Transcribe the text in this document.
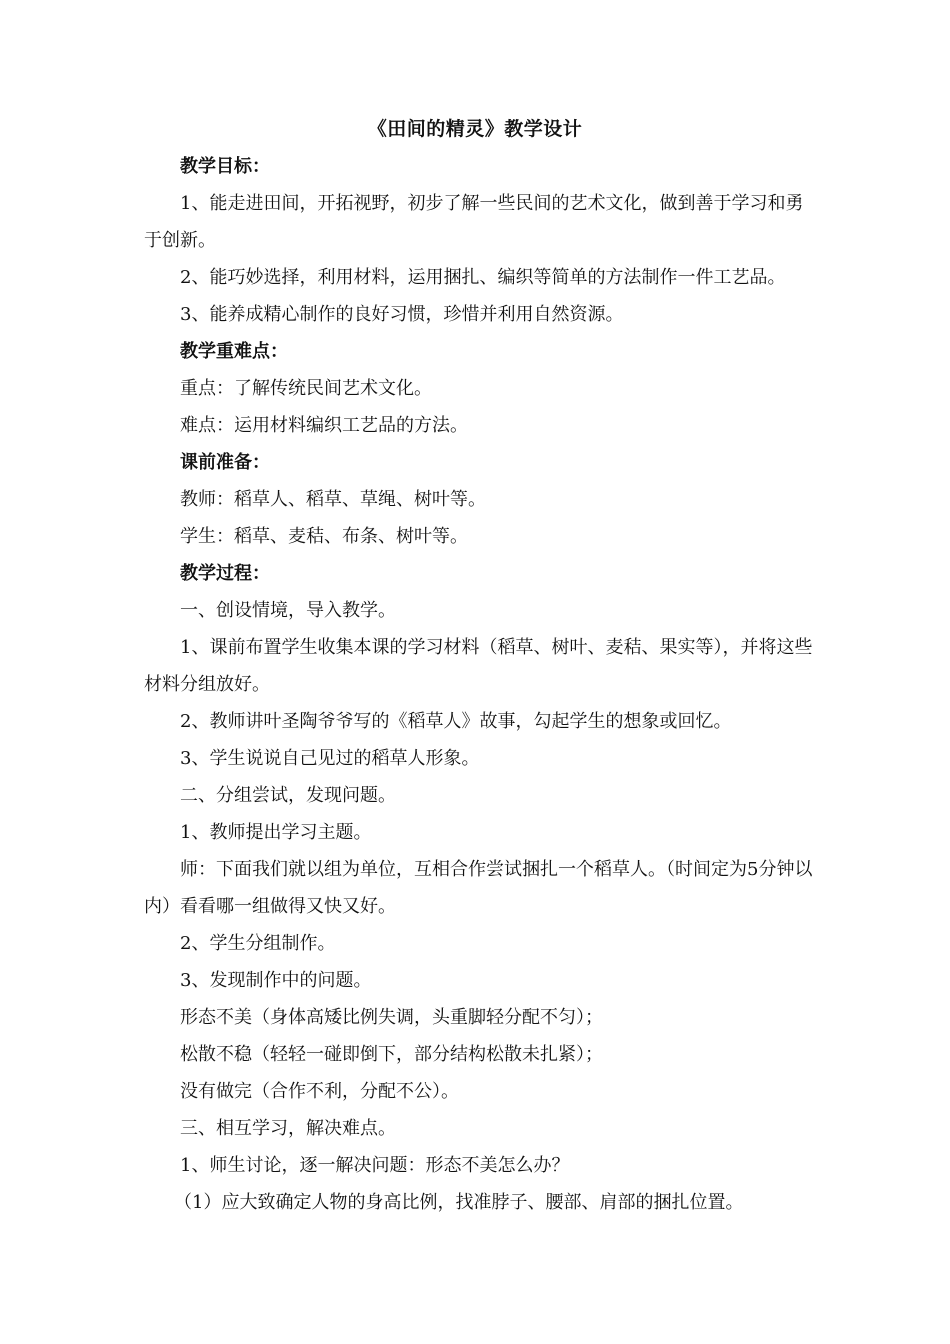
《田间的精灵》教学设计

教学目标：

1、能走进田间，开拓视野，初步了解一些民间的艺术文化，做到善于学习和勇于创新。

2、能巧妙选择，利用材料，运用捆扎、编织等简单的方法制作一件工艺品。

3、能养成精心制作的良好习惯，珍惜并利用自然资源。

教学重难点：

重点：了解传统民间艺术文化。

难点：运用材料编织工艺品的方法。

课前准备：

教师：稻草人、稻草、草绳、树叶等。

学生：稻草、麦秸、布条、树叶等。

教学过程：

一、创设情境，导入教学。

1、课前布置学生收集本课的学习材料（稻草、树叶、麦秸、果实等），并将这些材料分组放好。

2、教师讲叶圣陶爷爷写的《稻草人》故事，勾起学生的想象或回忆。

3、学生说说自己见过的稻草人形象。

二、分组尝试，发现问题。

1、教师提出学习主题。

师：下面我们就以组为单位，互相合作尝试捆扎一个稻草人。（时间定为5分钟以内）看看哪一组做得又快又好。

2、学生分组制作。

3、发现制作中的问题。

形态不美（身体高矮比例失调，头重脚轻分配不匀）；

松散不稳（轻轻一碰即倒下，部分结构松散未扎紧）；

没有做完（合作不利，分配不公）。

三、相互学习，解决难点。

1、师生讨论，逐一解决问题：形态不美怎么办？

（1）应大致确定人物的身高比例，找准脖子、腰部、肩部的捆扎位置。
